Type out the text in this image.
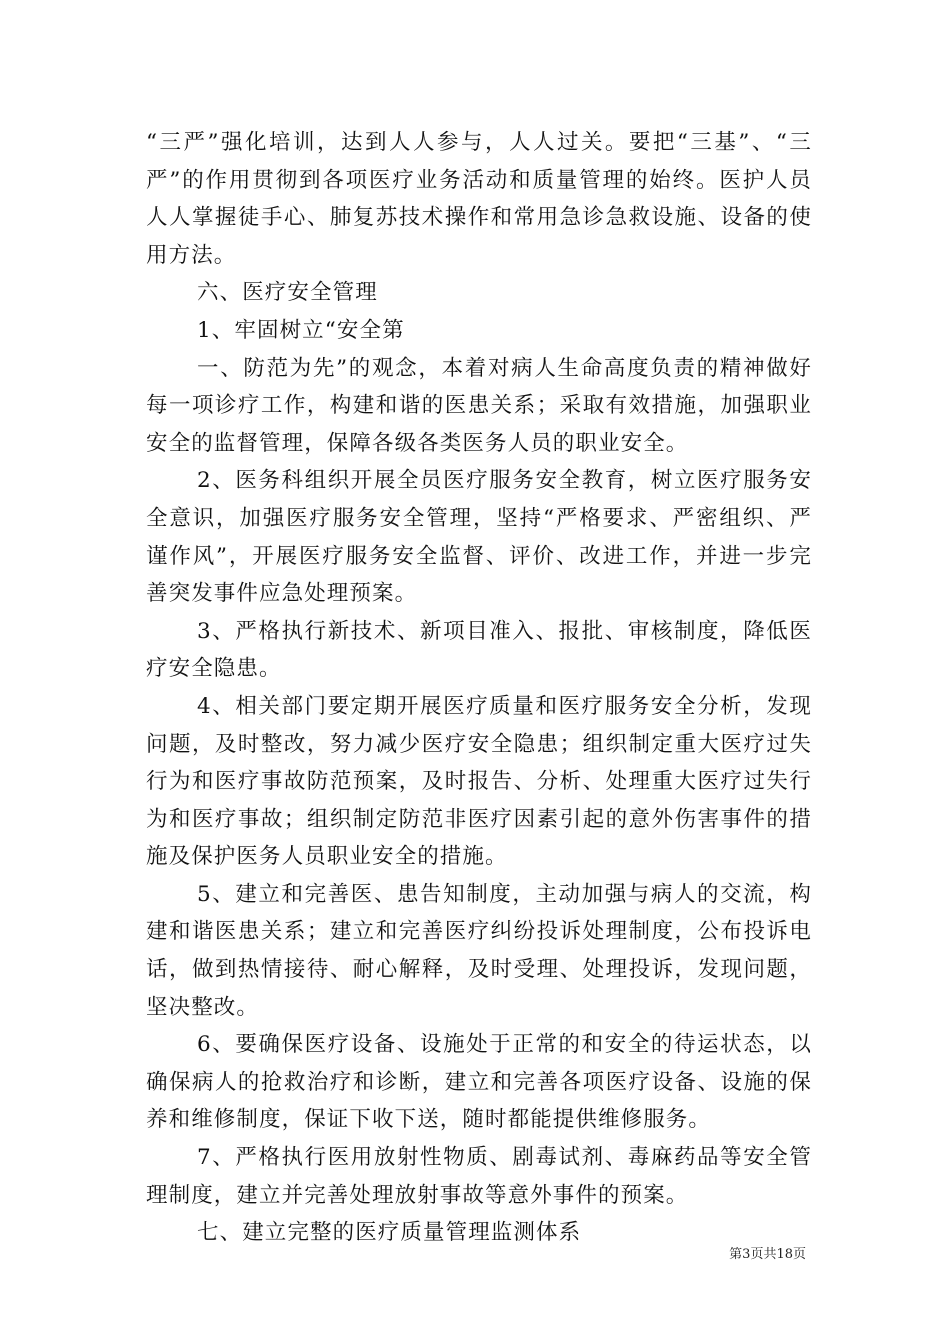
“三严”强化培训，达到人人参与，人人过关。要把“三基”、“三严”的作用贯彻到各项医疗业务活动和质量管理的始终。医护人员人人掌握徒手心、肺复苏技术操作和常用急诊急救设施、设备的使用方法。

六、医疗安全管理

1、牢固树立“安全第

一、防范为先”的观念，本着对病人生命高度负责的精神做好每一项诊疗工作，构建和谐的医患关系；采取有效措施，加强职业安全的监督管理，保障各级各类医务人员的职业安全。

2、医务科组织开展全员医疗服务安全教育，树立医疗服务安全意识，加强医疗服务安全管理，坚持“严格要求、严密组织、严谨作风”，开展医疗服务安全监督、评价、改进工作，并进一步完善突发事件应急处理预案。

3、严格执行新技术、新项目准入、报批、审核制度，降低医疗安全隐患。

4、相关部门要定期开展医疗质量和医疗服务安全分析，发现问题，及时整改，努力减少医疗安全隐患；组织制定重大医疗过失行为和医疗事故防范预案，及时报告、分析、处理重大医疗过失行为和医疗事故；组织制定防范非医疗因素引起的意外伤害事件的措施及保护医务人员职业安全的措施。

5、建立和完善医、患告知制度，主动加强与病人的交流，构建和谐医患关系；建立和完善医疗纠纷投诉处理制度，公布投诉电话，做到热情接待、耐心解释，及时受理、处理投诉，发现问题，坚决整改。

6、要确保医疗设备、设施处于正常的和安全的待运状态，以确保病人的抢救治疗和诊断，建立和完善各项医疗设备、设施的保养和维修制度，保证下收下送，随时都能提供维修服务。

7、严格执行医用放射性物质、剧毒试剂、毒麻药品等安全管理制度，建立并完善处理放射事故等意外事件的预案。

七、建立完整的医疗质量管理监测体系

第3页共18页
